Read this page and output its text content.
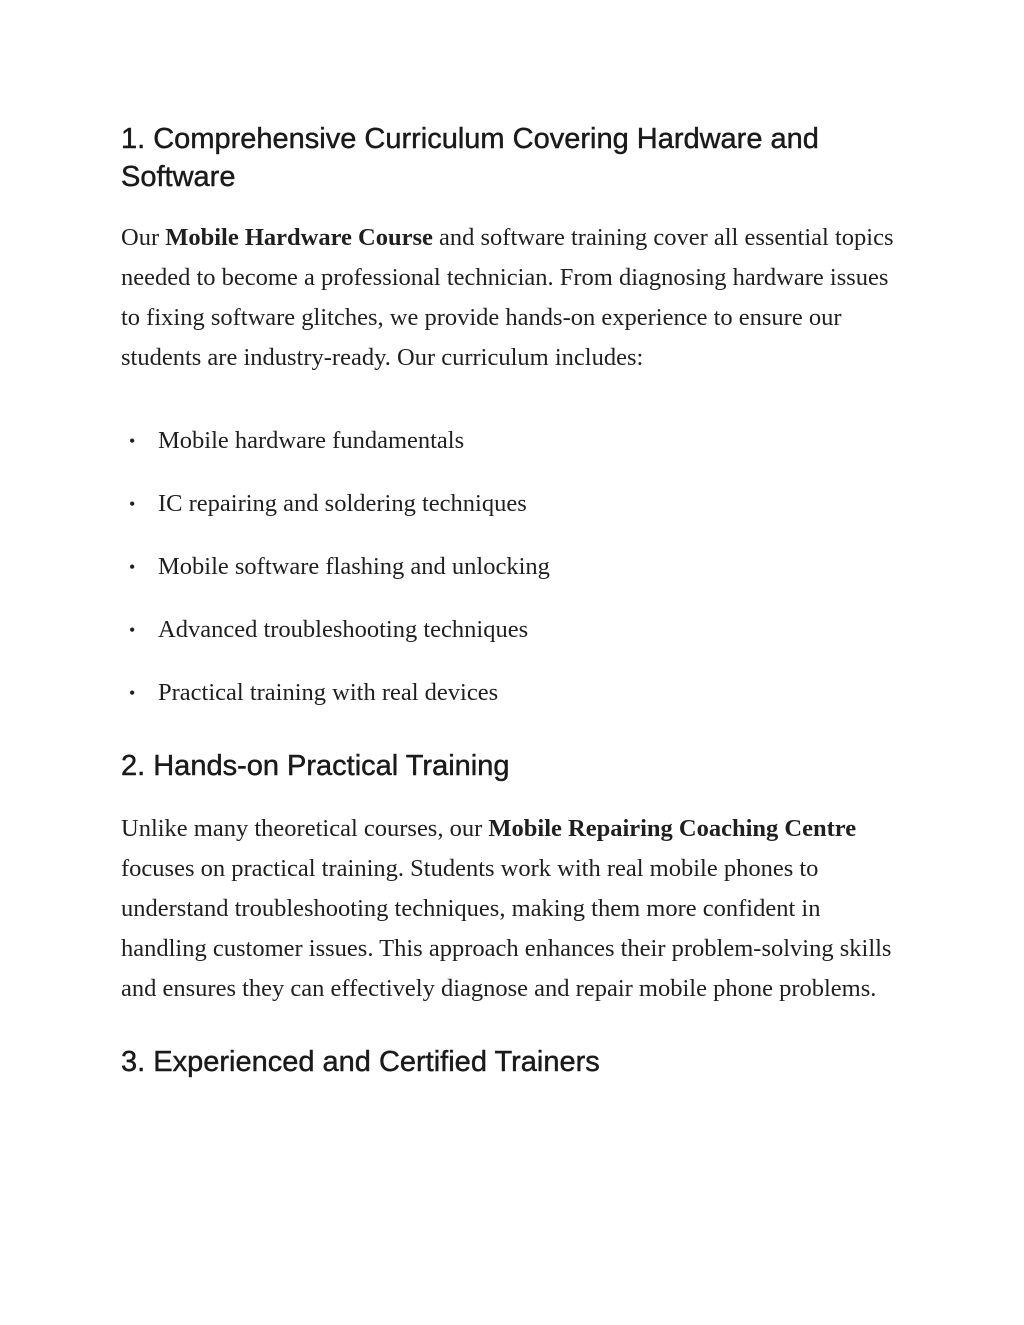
1. Comprehensive Curriculum Covering Hardware and Software

Our Mobile Hardware Course and software training cover all essential topics needed to become a professional technician. From diagnosing hardware issues to fixing software glitches, we provide hands-on experience to ensure our students are industry-ready. Our curriculum includes:

• Mobile hardware fundamentals
• IC repairing and soldering techniques
• Mobile software flashing and unlocking
• Advanced troubleshooting techniques
• Practical training with real devices
2. Hands-on Practical Training

Unlike many theoretical courses, our Mobile Repairing Coaching Centre focuses on practical training. Students work with real mobile phones to understand troubleshooting techniques, making them more confident in handling customer issues. This approach enhances their problem-solving skills and ensures they can effectively diagnose and repair mobile phone problems.

3. Experienced and Certified Trainers
